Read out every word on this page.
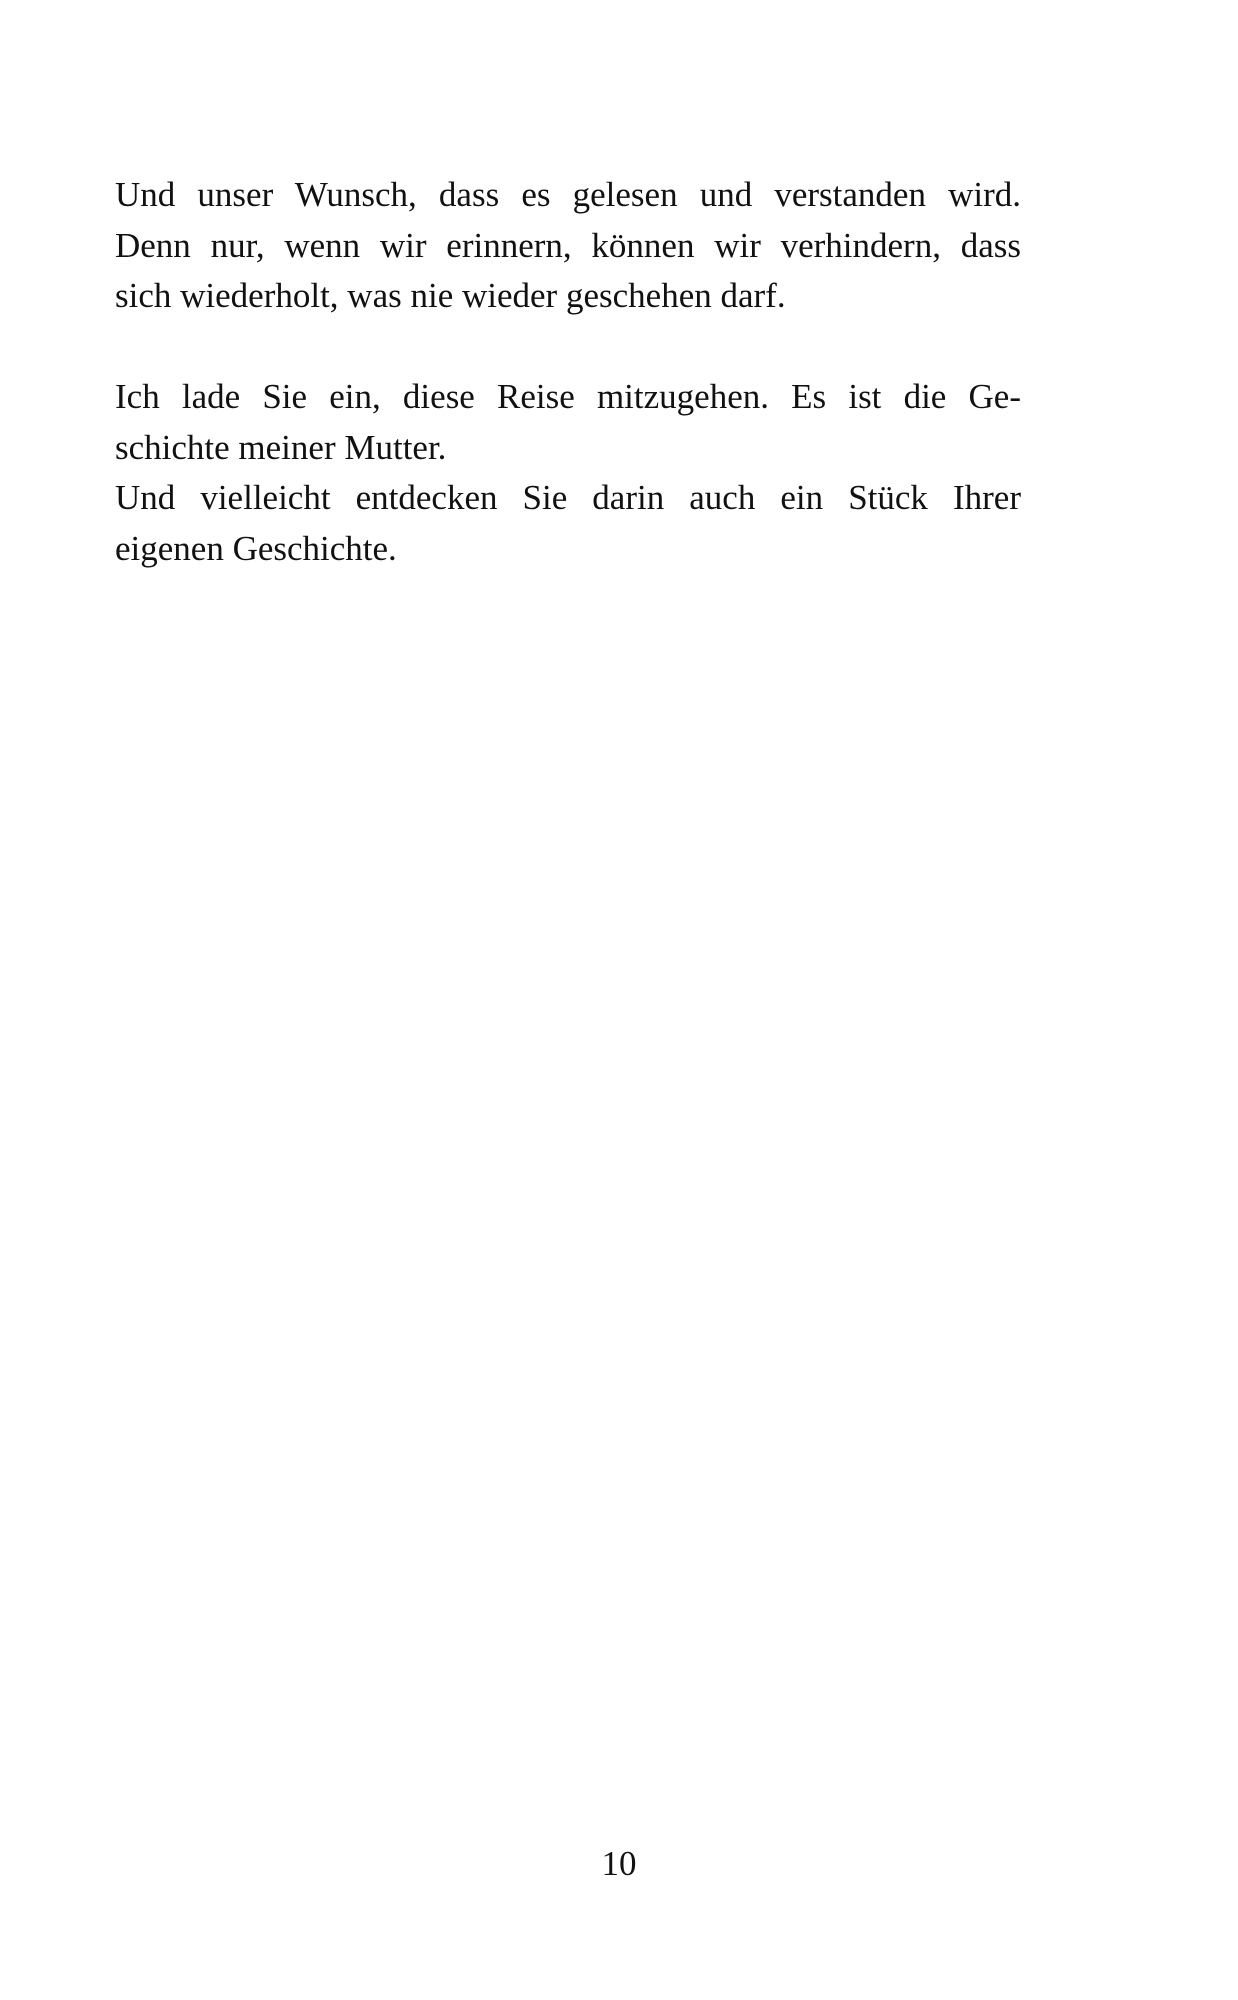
Und unser Wunsch, dass es gelesen und verstanden wird.
Denn nur, wenn wir erinnern, können wir verhindern, dass
sich wiederholt, was nie wieder geschehen darf.
Ich lade Sie ein, diese Reise mitzugehen. Es ist die Ge-
schichte meiner Mutter.
Und vielleicht entdecken Sie darin auch ein Stück Ihrer
eigenen Geschichte.
10
